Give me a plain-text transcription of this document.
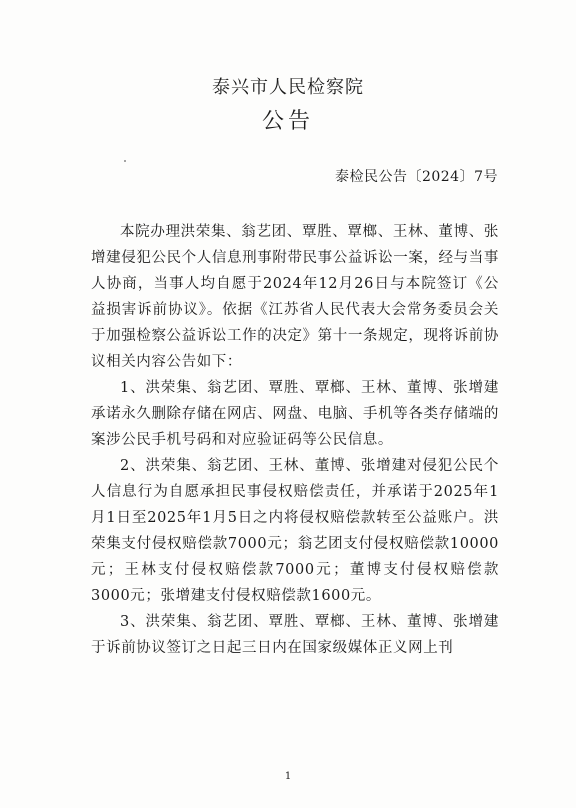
泰兴市人民检察院
公告
泰检民公告〔2024〕7号

本院办理洪荣集、翁艺团、覃胜、覃榔、王林、董博、张增建侵犯公民个人信息刑事附带民事公益诉讼一案，经与当事人协商，当事人均自愿于2024年12月26日与本院签订《公益损害诉前协议》。依据《江苏省人民代表大会常务委员会关于加强检察公益诉讼工作的决定》第十一条规定，现将诉前协议相关内容公告如下：

1、洪荣集、翁艺团、覃胜、覃榔、王林、董博、张增建承诺永久删除存储在网店、网盘、电脑、手机等各类存储端的案涉公民手机号码和对应验证码等公民信息。

2、洪荣集、翁艺团、王林、董博、张增建对侵犯公民个人信息行为自愿承担民事侵权赔偿责任，并承诺于2025年1月1日至2025年1月5日之内将侵权赔偿款转至公益账户。洪荣集支付侵权赔偿款7000元；翁艺团支付侵权赔偿款10000元；王林支付侵权赔偿款7000元；董博支付侵权赔偿款3000元；张增建支付侵权赔偿款1600元。

3、洪荣集、翁艺团、覃胜、覃榔、王林、董博、张增建于诉前协议签订之日起三日内在国家级媒体正义网上刊

1
